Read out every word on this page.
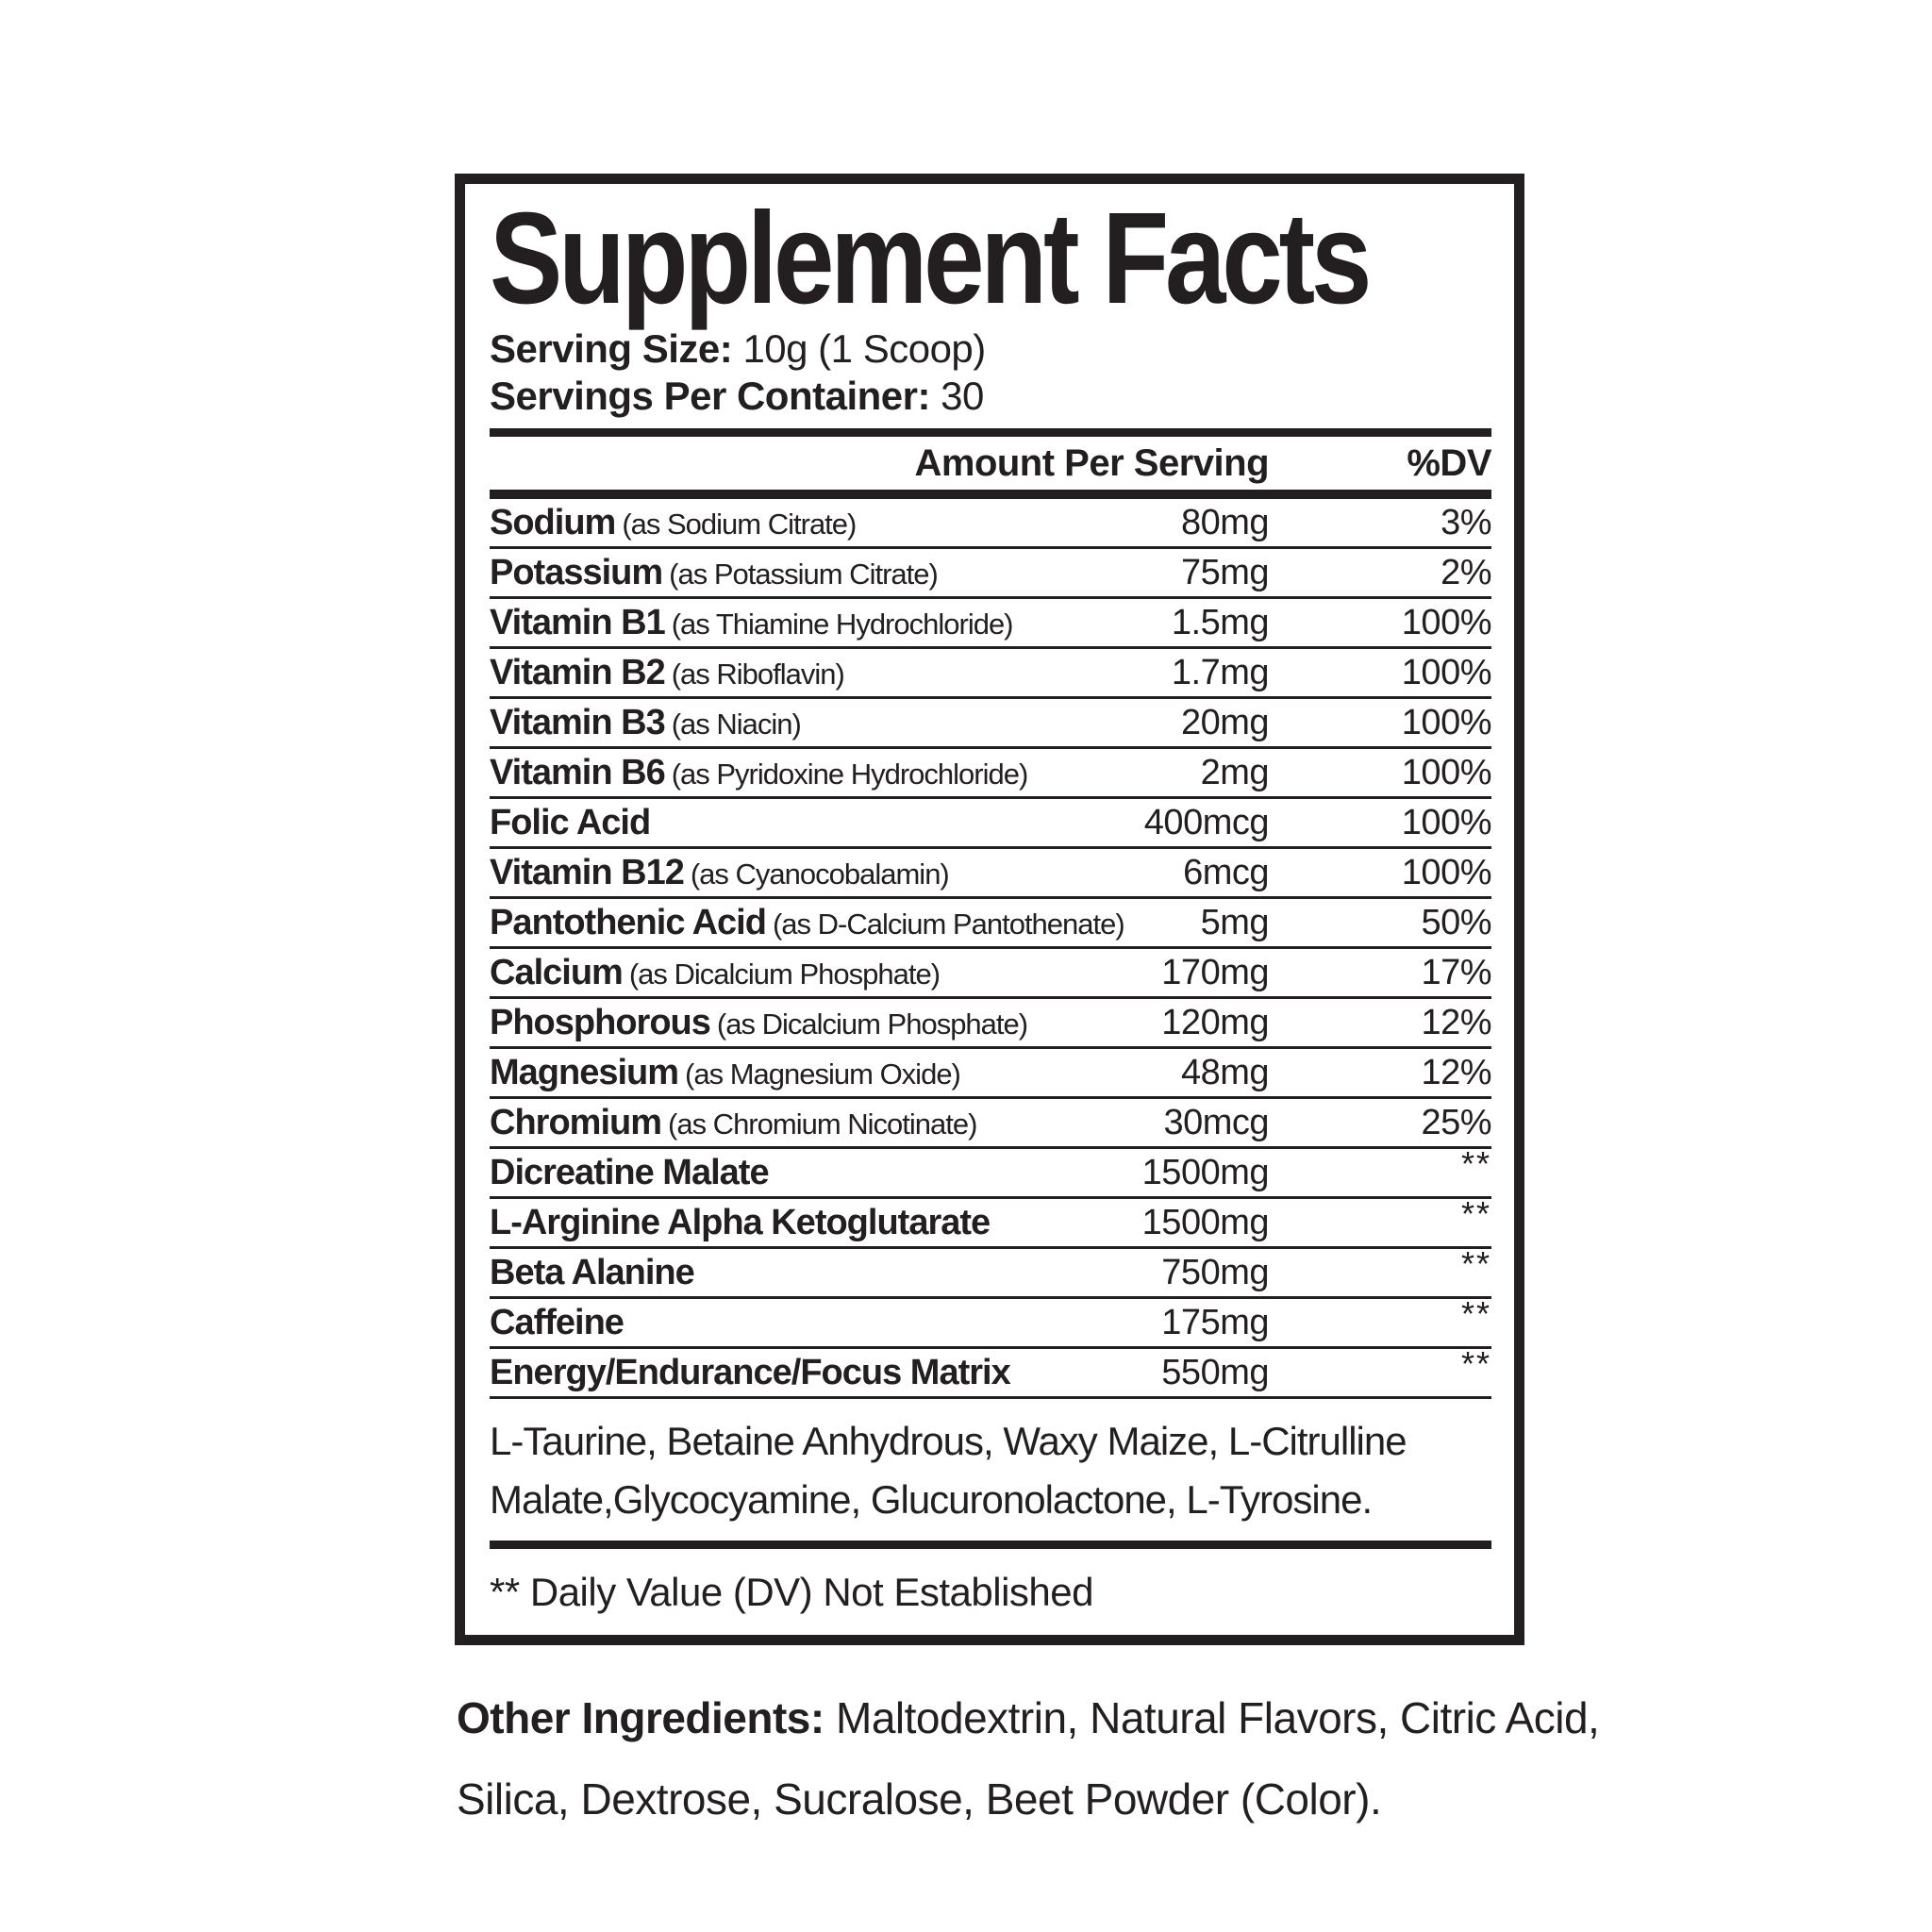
Supplement Facts
Serving Size: 10g (1 Scoop)
Servings Per Container: 30
Amount Per Serving	%DV
Sodium (as Sodium Citrate)	80mg	3%
Potassium (as Potassium Citrate)	75mg	2%
Vitamin B1 (as Thiamine Hydrochloride)	1.5mg	100%
Vitamin B2 (as Riboflavin)	1.7mg	100%
Vitamin B3 (as Niacin)	20mg	100%
Vitamin B6 (as Pyridoxine Hydrochloride)	2mg	100%
Folic Acid	400mcg	100%
Vitamin B12 (as Cyanocobalamin)	6mcg	100%
Pantothenic Acid (as D-Calcium Pantothenate)	5mg	50%
Calcium (as Dicalcium Phosphate)	170mg	17%
Phosphorous (as Dicalcium Phosphate)	120mg	12%
Magnesium (as Magnesium Oxide)	48mg	12%
Chromium (as Chromium Nicotinate)	30mcg	25%
Dicreatine Malate	1500mg	**
L-Arginine Alpha Ketoglutarate	1500mg	**
Beta Alanine	750mg	**
Caffeine	175mg	**
Energy/Endurance/Focus Matrix	550mg	**
L-Taurine, Betaine Anhydrous, Waxy Maize, L-Citrulline
Malate,Glycocyamine, Glucuronolactone, L-Tyrosine.
** Daily Value (DV) Not Established
Other Ingredients: Maltodextrin, Natural Flavors, Citric Acid,
Silica, Dextrose, Sucralose, Beet Powder (Color).
